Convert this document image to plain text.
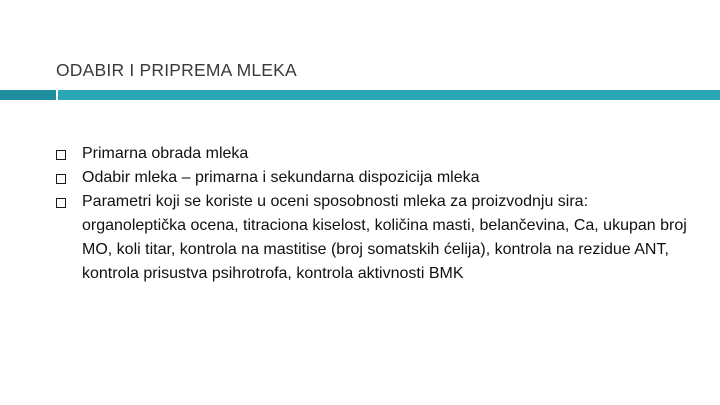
ODABIR I PRIPREMA MLEKA
Primarna obrada mleka
Odabir mleka – primarna i sekundarna dispozicija mleka
Parametri koji se koriste u oceni sposobnosti mleka za proizvodnju sira: organoleptička ocena, titraciona kiselost, količina masti, belančevina, Ca, ukupan broj MO, koli titar, kontrola na mastitise (broj somatskih ćelija), kontrola na rezidue ANT, kontrola prisustva psihrotrofa, kontrola aktivnosti BMK
